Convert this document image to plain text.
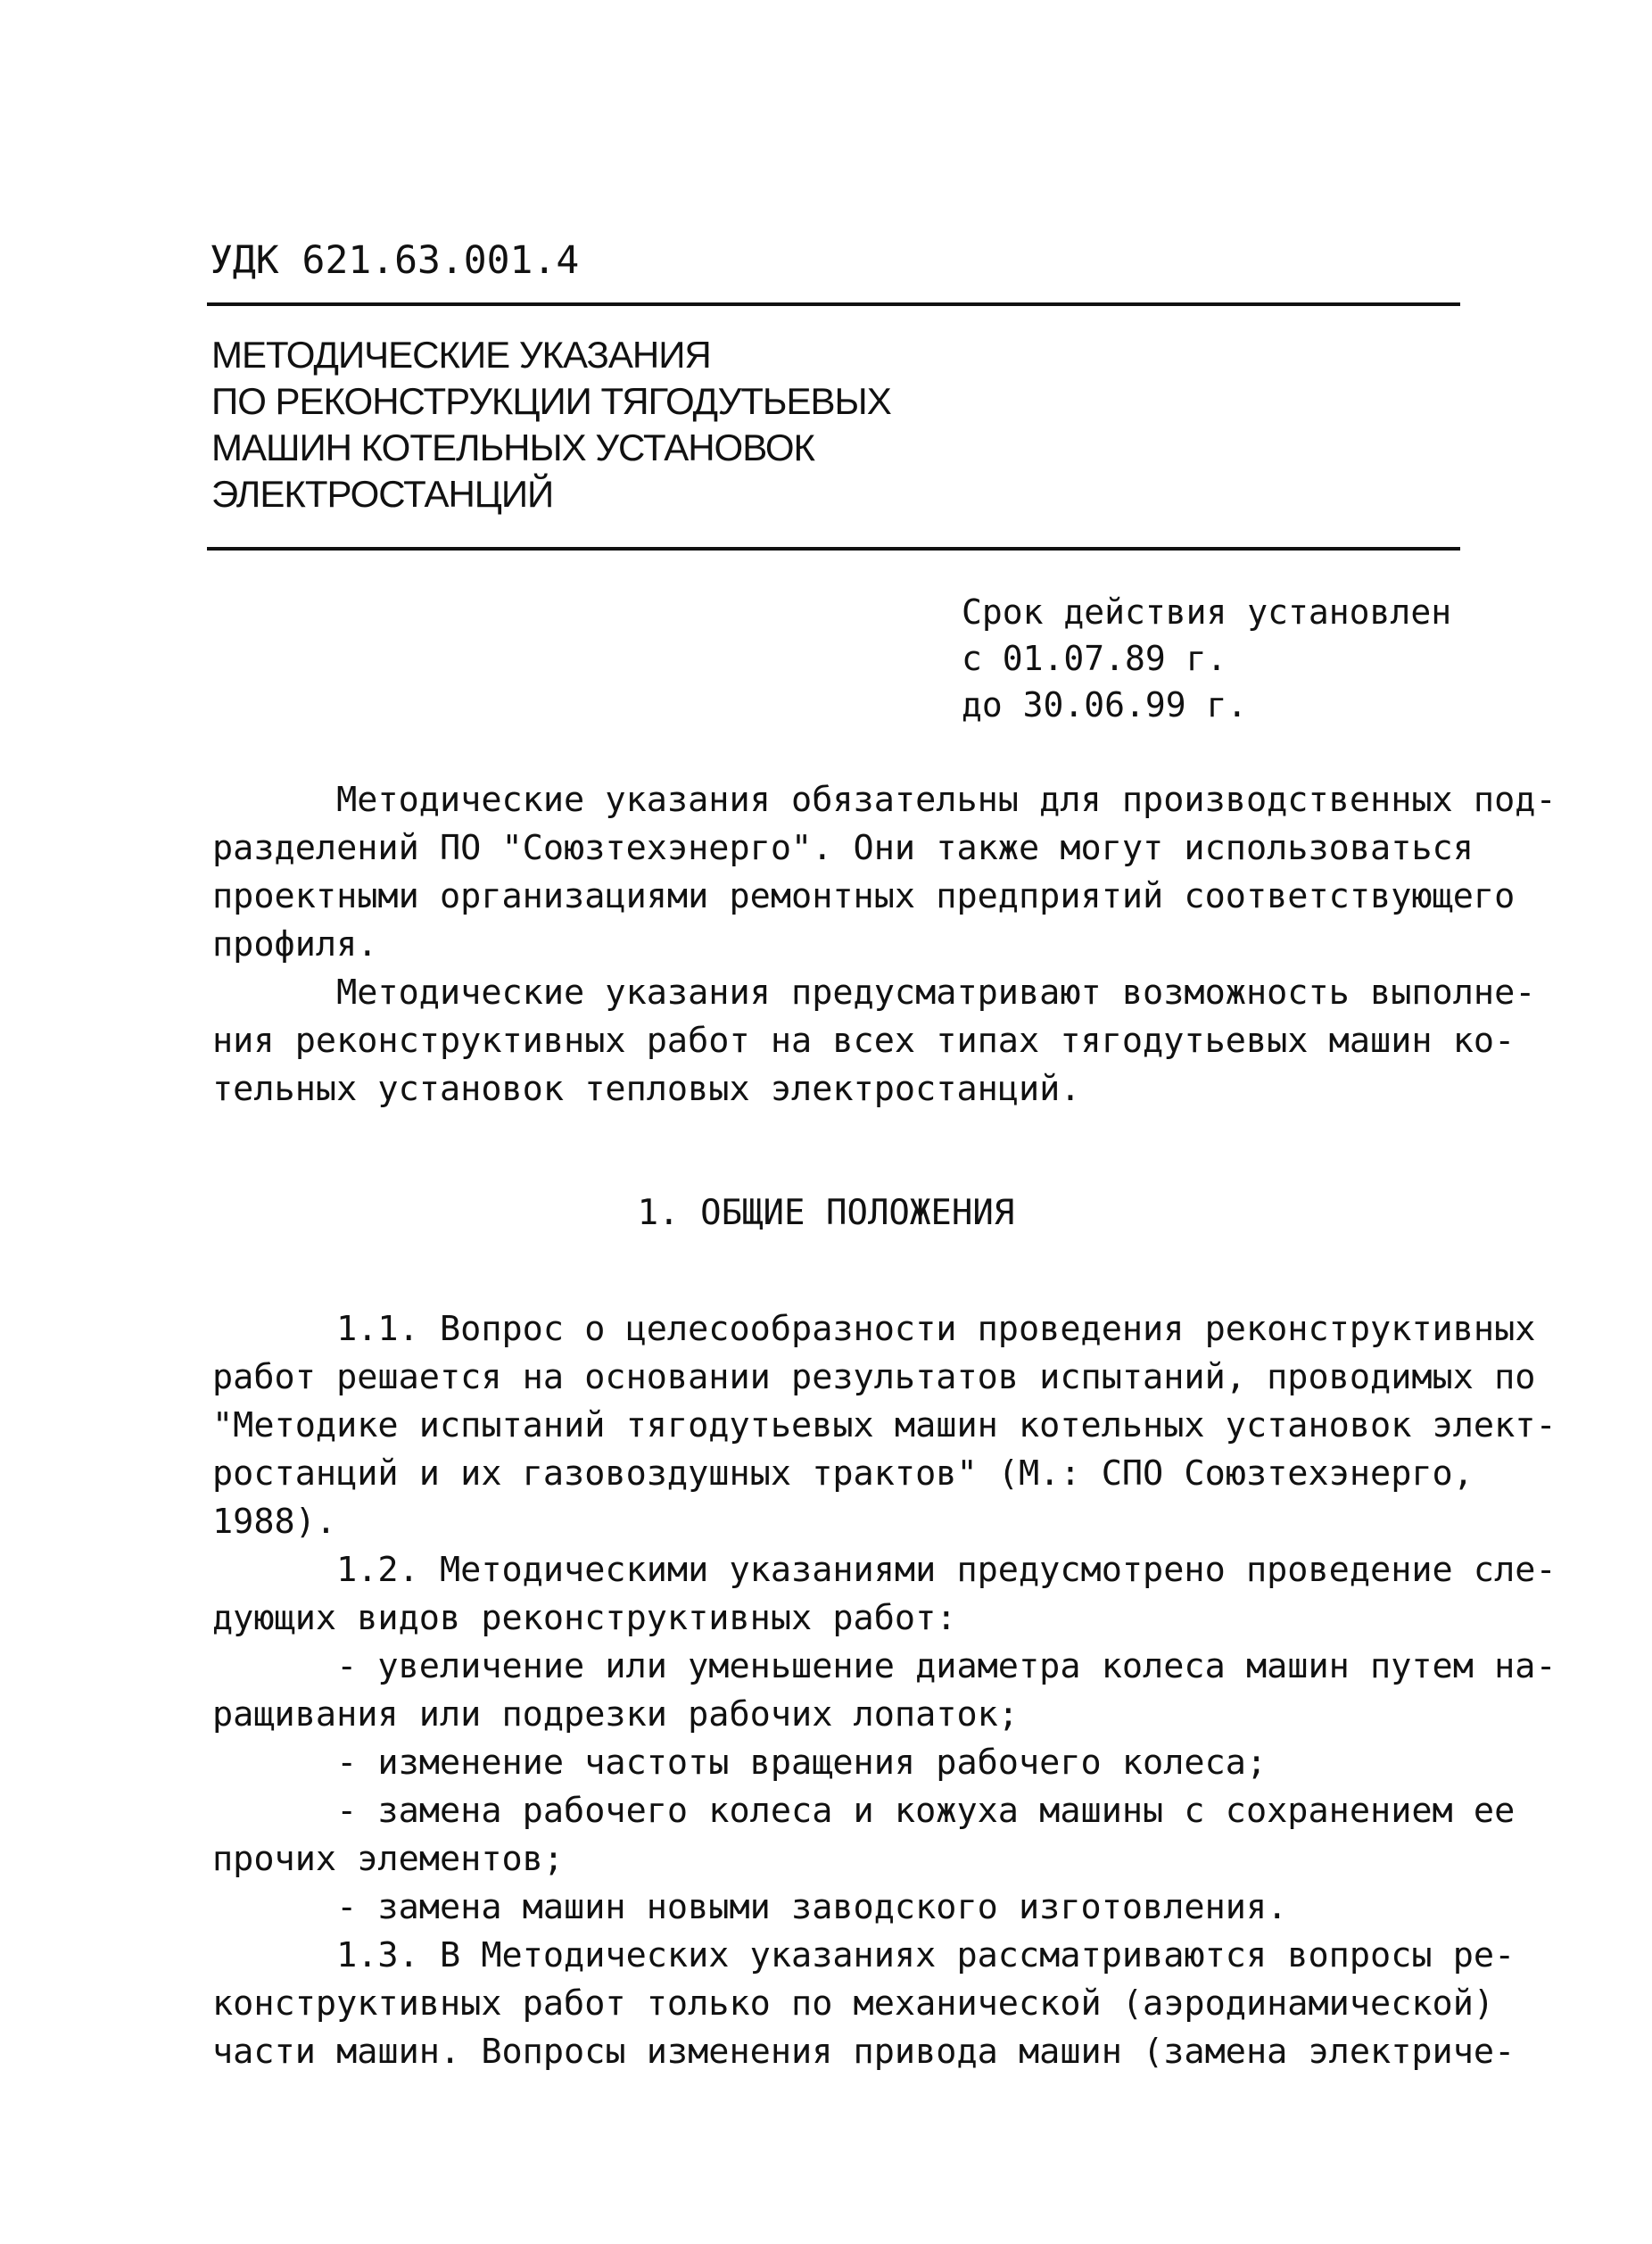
УДК 621.63.001.4
МЕТОДИЧЕСКИЕ УКАЗАНИЯ
ПО РЕКОНСТРУКЦИИ ТЯГОДУТЬЕВЫХ
МАШИН КОТЕЛЬНЫХ УСТАНОВОК
ЭЛЕКТРОСТАНЦИЙ
Срок действия установлен
с 01.07.89 г.
до 30.06.99 г.
Методические указания обязательны для производственных под-
разделений ПО "Союзтехэнерго". Они также могут использоваться
проектными организациями ремонтных предприятий соответствующего
профиля.
Методические указания предусматривают возможность выполне-
ния реконструктивных работ на всех типах тягодутьевых машин ко-
тельных установок тепловых электростанций.
1. ОБЩИЕ ПОЛОЖЕНИЯ
1.1. Вопрос о целесообразности проведения реконструктивных
работ решается на основании результатов испытаний, проводимых по
"Методике испытаний тягодутьевых машин котельных установок элект-
ростанций и их газовоздушных трактов" (М.: СПО Союзтехэнерго,
1988).
1.2. Методическими указаниями предусмотрено проведение сле-
дующих видов реконструктивных работ:
- увеличение или уменьшение диаметра колеса машин путем на-
ращивания или подрезки рабочих лопаток;
- изменение частоты вращения рабочего колеса;
- замена рабочего колеса и кожуха машины с сохранением ее
прочих элементов;
- замена машин новыми заводского изготовления.
1.3. В Методических указаниях рассматриваются вопросы ре-
конструктивных работ только по механической (аэродинамической)
части машин. Вопросы изменения привода машин (замена электриче-
